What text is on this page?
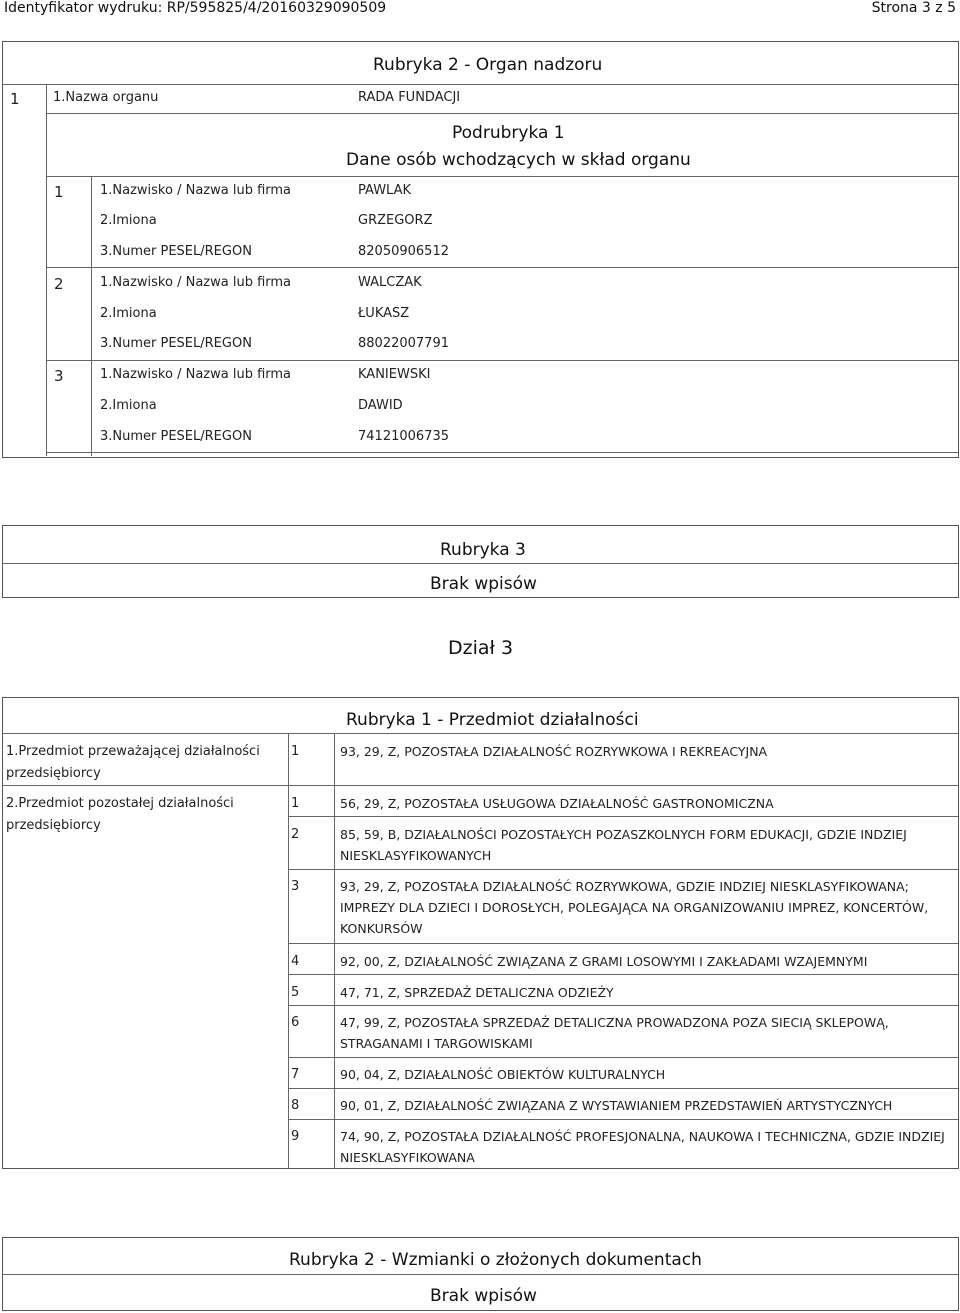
Identyfikator wydruku: RP/595825/4/20160329090509	Strona 3 z 5
Rubryka 2 - Organ nadzoru
1	1.Nazwa organu	RADA FUNDACJI
Podrubryka 1
Dane osób wchodzących w skład organu
1	1.Nazwisko / Nazwa lub firma	PAWLAK
2.Imiona	GRZEGORZ
3.Numer PESEL/REGON	82050906512
2	1.Nazwisko / Nazwa lub firma	WALCZAK
2.Imiona	ŁUKASZ
3.Numer PESEL/REGON	88022007791
3	1.Nazwisko / Nazwa lub firma	KANIEWSKI
2.Imiona	DAWID
3.Numer PESEL/REGON	74121006735
Rubryka 3
Brak wpisów
Dział 3
Rubryka 1 - Przedmiot działalności
1.Przedmiot przeważającej działalności
przedsiębiorcy
1	93, 29, Z, POZOSTAŁA DZIAŁALNOŚĆ ROZRYWKOWA I REKREACYJNA
2.Przedmiot pozostałej działalności
przedsiębiorcy
1	56, 29, Z, POZOSTAŁA USŁUGOWA DZIAŁALNOŚĆ GASTRONOMICZNA
2	85, 59, B, DZIAŁALNOŚCI POZOSTAŁYCH POZASZKOLNYCH FORM EDUKACJI, GDZIE INDZIEJ NIESKLASYFIKOWANYCH
3	93, 29, Z, POZOSTAŁA DZIAŁALNOŚĆ ROZRYWKOWA, GDZIE INDZIEJ NIESKLASYFIKOWANA; IMPREZY DLA DZIECI I DOROSŁYCH, POLEGAJĄCA NA ORGANIZOWANIU IMPREZ, KONCERTÓW, KONKURSÓW
4	92, 00, Z, DZIAŁALNOŚĆ ZWIĄZANA Z GRAMI LOSOWYMI I ZAKŁADAMI WZAJEMNYMI
5	47, 71, Z, SPRZEDAŻ DETALICZNA ODZIEŻY
6	47, 99, Z, POZOSTAŁA SPRZEDAŻ DETALICZNA PROWADZONA POZA SIECIĄ SKLEPOWĄ, STRAGANAMI I TARGOWISKAMI
7	90, 04, Z, DZIAŁALNOŚĆ OBIEKTÓW KULTURALNYCH
8	90, 01, Z, DZIAŁALNOŚĆ ZWIĄZANA Z WYSTAWIANIEM PRZEDSTAWIEŃ ARTYSTYCZNYCH
9	74, 90, Z, POZOSTAŁA DZIAŁALNOŚĆ PROFESJONALNA, NAUKOWA I TECHNICZNA, GDZIE INDZIEJ NIESKLASYFIKOWANA
Rubryka 2 - Wzmianki o złożonych dokumentach
Brak wpisów
